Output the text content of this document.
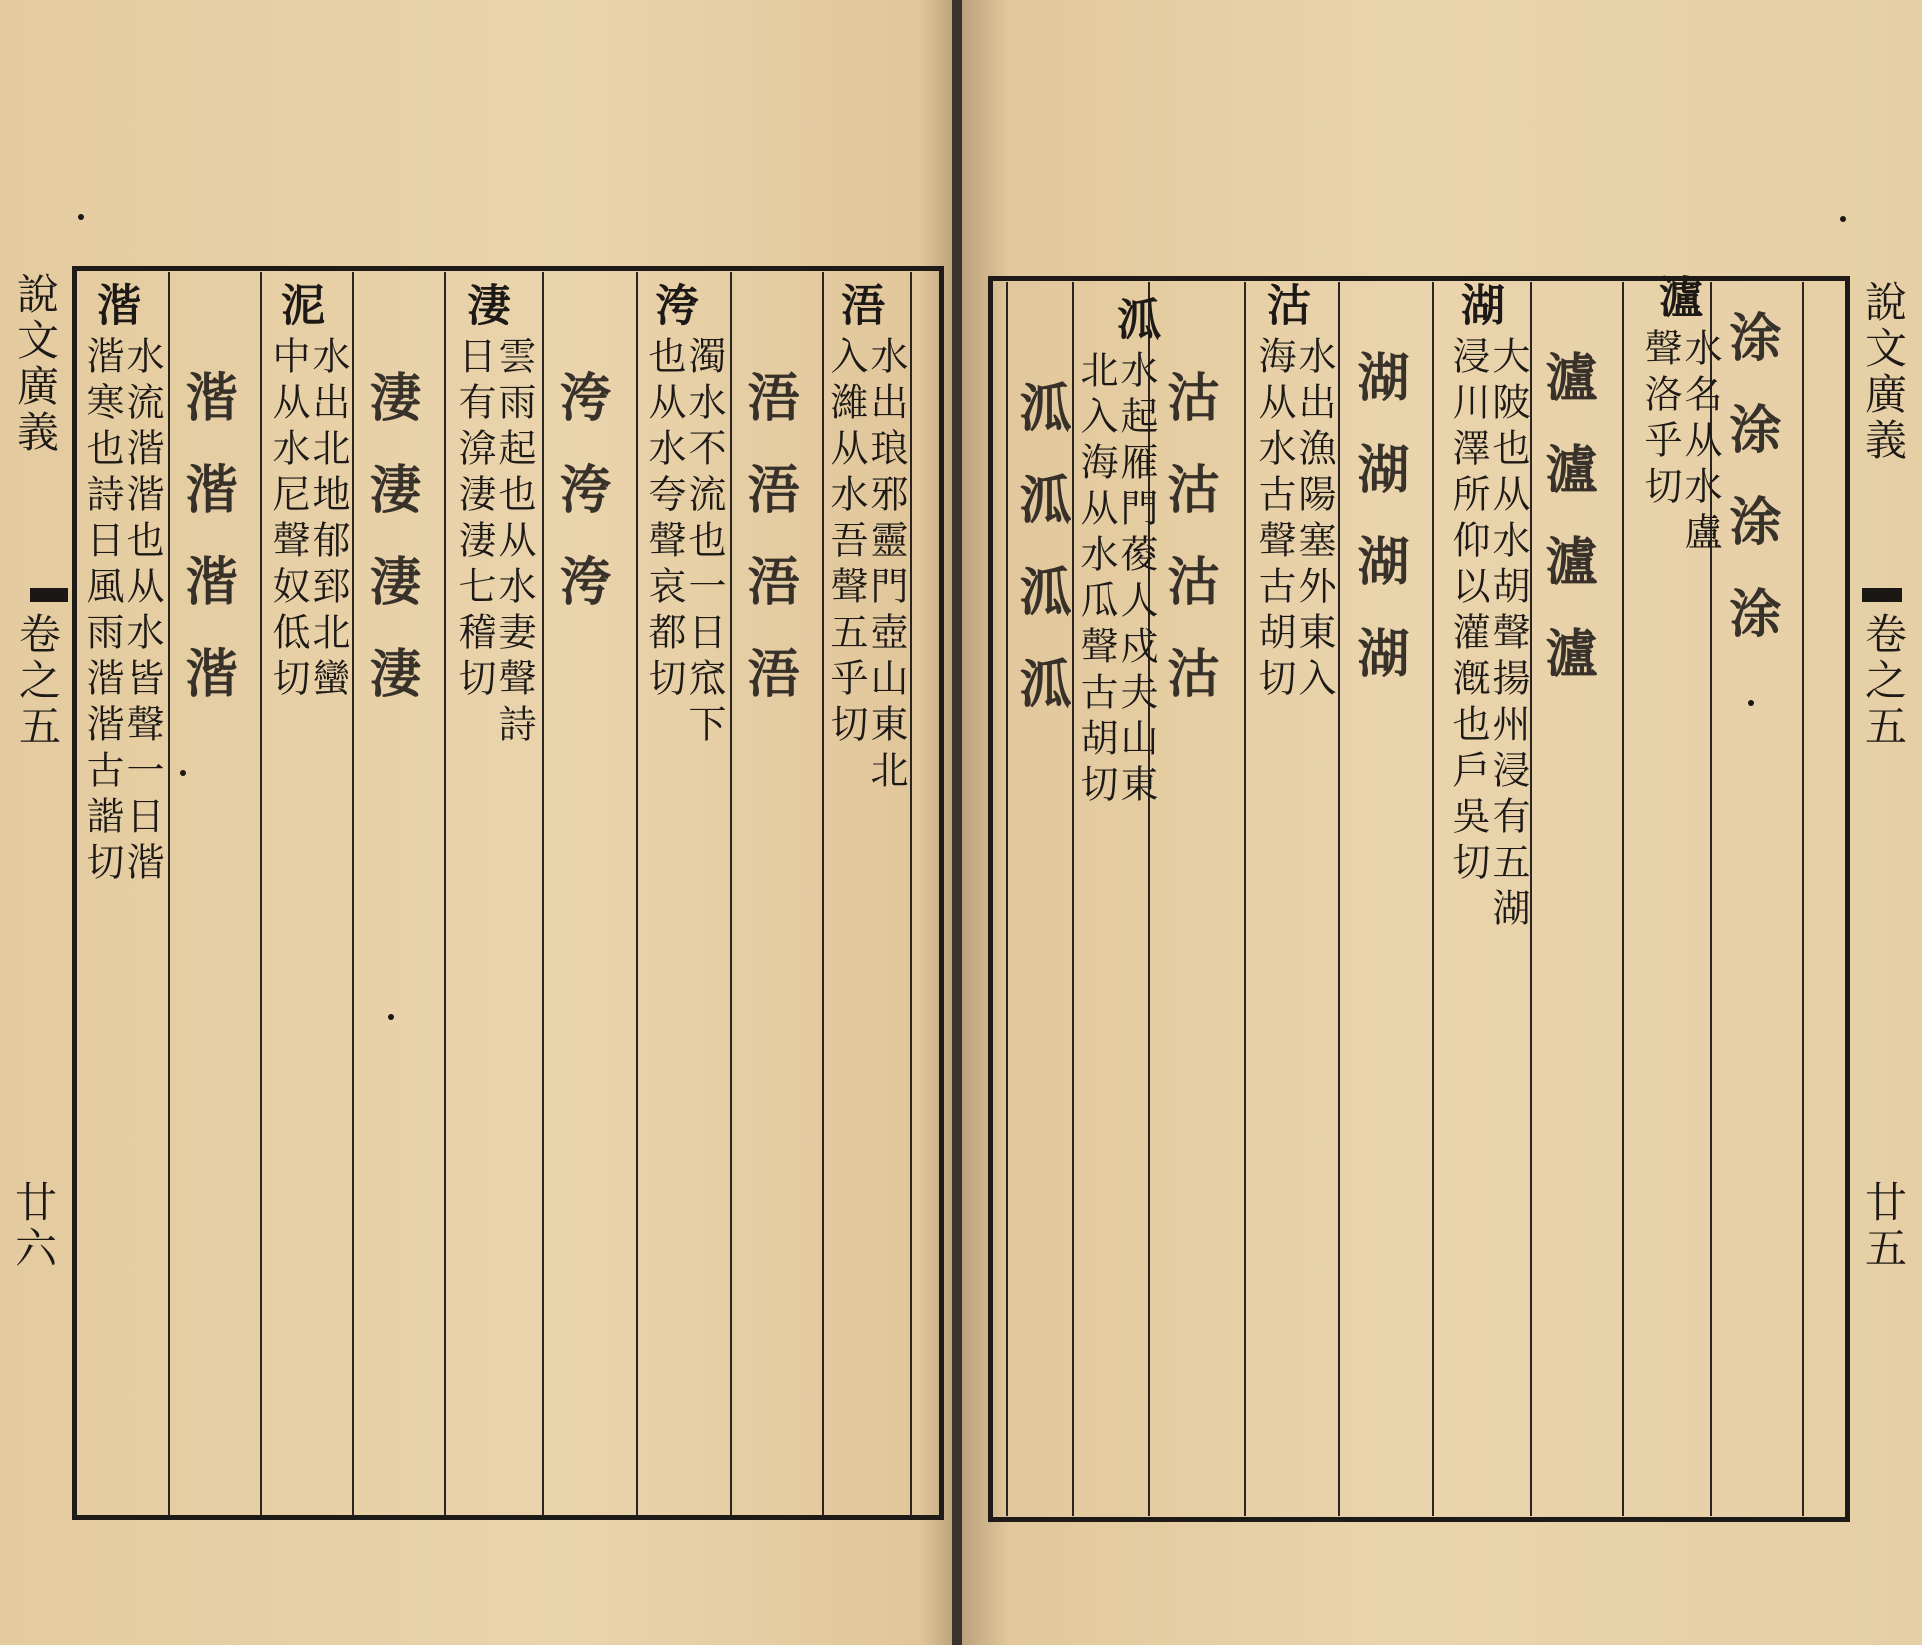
浯
水出琅邪靈門壺山東北
入濰从水吾聲五乎切
浯浯浯浯
洿
濁水不流也一日窊下
也从水夸聲哀都切
洿洿洿
淒
雲雨起也从水妻聲詩
日有渰淒淒七稽切
淒淒淒淒
泥
水出北地郁郅北蠻
中从水尼聲奴低切
湝湝湝湝
湝
水流湝湝也从水皆聲一日湝
湝寒也詩日風雨湝湝古諧切
說文廣義
卷之五
廿六
涂涂涂涂
瀘
水名从水盧
聲洛乎切
瀘瀘瀘瀘
湖
大陂也从水胡聲揚州浸有五湖
浸川澤所仰以灌漑也戶吳切
湖湖湖湖
沽
水出漁陽塞外東入
海从水古聲古胡切
沽沽沽沽
泒
水起雁門葰人戍夫山東
北入海从水瓜聲古胡切
泒泒泒泒
說文廣義
卷之五
廿五
